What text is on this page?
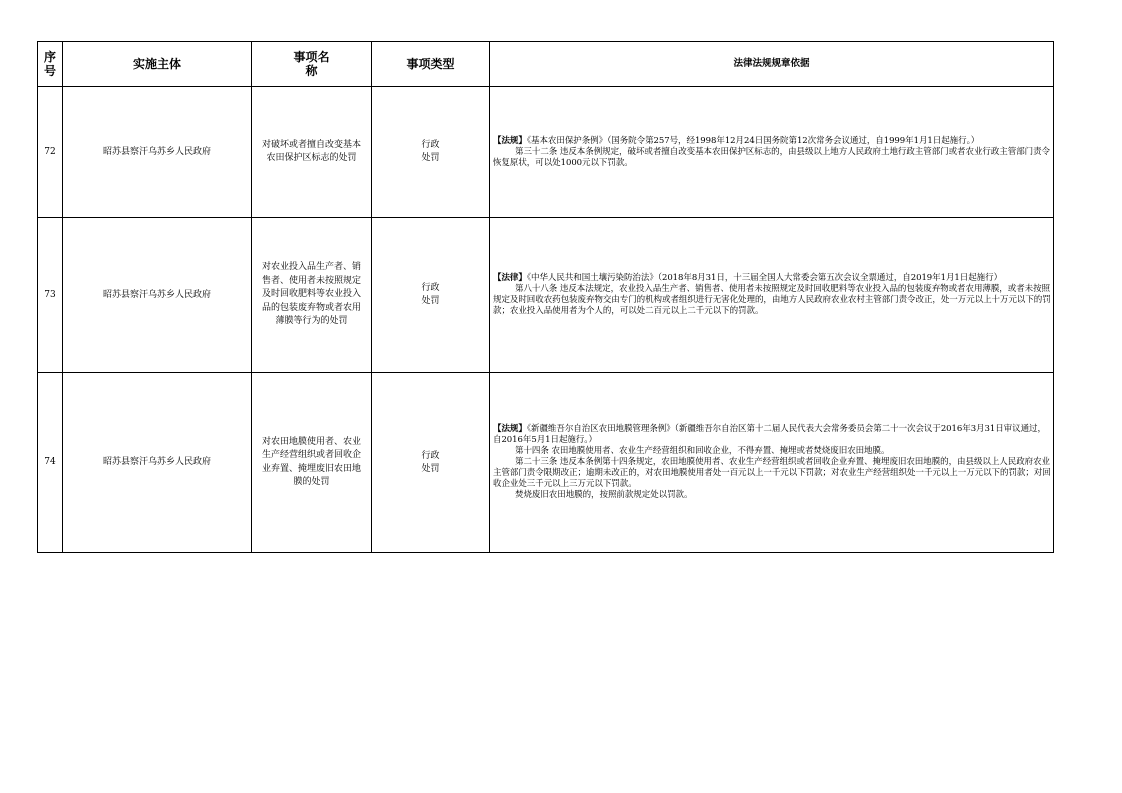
序号	实施主体	事项名称	事项类型	法律法规规章依据
72	昭苏县察汗乌苏乡人民政府	对破坏或者擅自改变基本农田保护区标志的处罚	行政处罚	【法规】《基本农田保护条例》（国务院令第257号，经1998年12月24日国务院第12次常务会议通过，自1999年1月1日起施行。）

第三十二条 违反本条例规定，破坏或者擅自改变基本农田保护区标志的，由县级以上地方人民政府土地行政主管部门或者农业行政主管部门责令恢复原状，可以处1000元以下罚款。

73	昭苏县察汗乌苏乡人民政府	对农业投入品生产者、销售者、使用者未按照规定及时回收肥料等农业投入品的包装废弃物或者农用薄膜等行为的处罚	行政处罚	【法律】《中华人民共和国土壤污染防治法》（2018年8月31日，十三届全国人大常委会第五次会议全票通过，自2019年1月1日起施行）

第八十八条 违反本法规定，农业投入品生产者、销售者、使用者未按照规定及时回收肥料等农业投入品的包装废弃物或者农用薄膜，或者未按照规定及时回收农药包装废弃物交由专门的机构或者组织进行无害化处理的，由地方人民政府农业农村主管部门责令改正，处一万元以上十万元以下的罚款；农业投入品使用者为个人的，可以处二百元以上二千元以下的罚款。

74	昭苏县察汗乌苏乡人民政府	对农田地膜使用者、农业生产经营组织或者回收企业弃置、掩埋废旧农田地膜的处罚	行政处罚	【法规】《新疆维吾尔自治区农田地膜管理条例》（新疆维吾尔自治区第十二届人民代表大会常务委员会第二十一次会议于2016年3月31日审议通过，自2016年5月1日起施行。）

第十四条 农田地膜使用者、农业生产经营组织和回收企业，不得弃置、掩埋或者焚烧废旧农田地膜。

第二十三条 违反本条例第十四条规定，农田地膜使用者、农业生产经营组织或者回收企业弃置、掩埋废旧农田地膜的，由县级以上人民政府农业主管部门责令限期改正；逾期未改正的，对农田地膜使用者处一百元以上一千元以下罚款；对农业生产经营组织处一千元以上一万元以下的罚款；对回收企业处三千元以上三万元以下罚款。

焚烧废旧农田地膜的，按照前款规定处以罚款。
